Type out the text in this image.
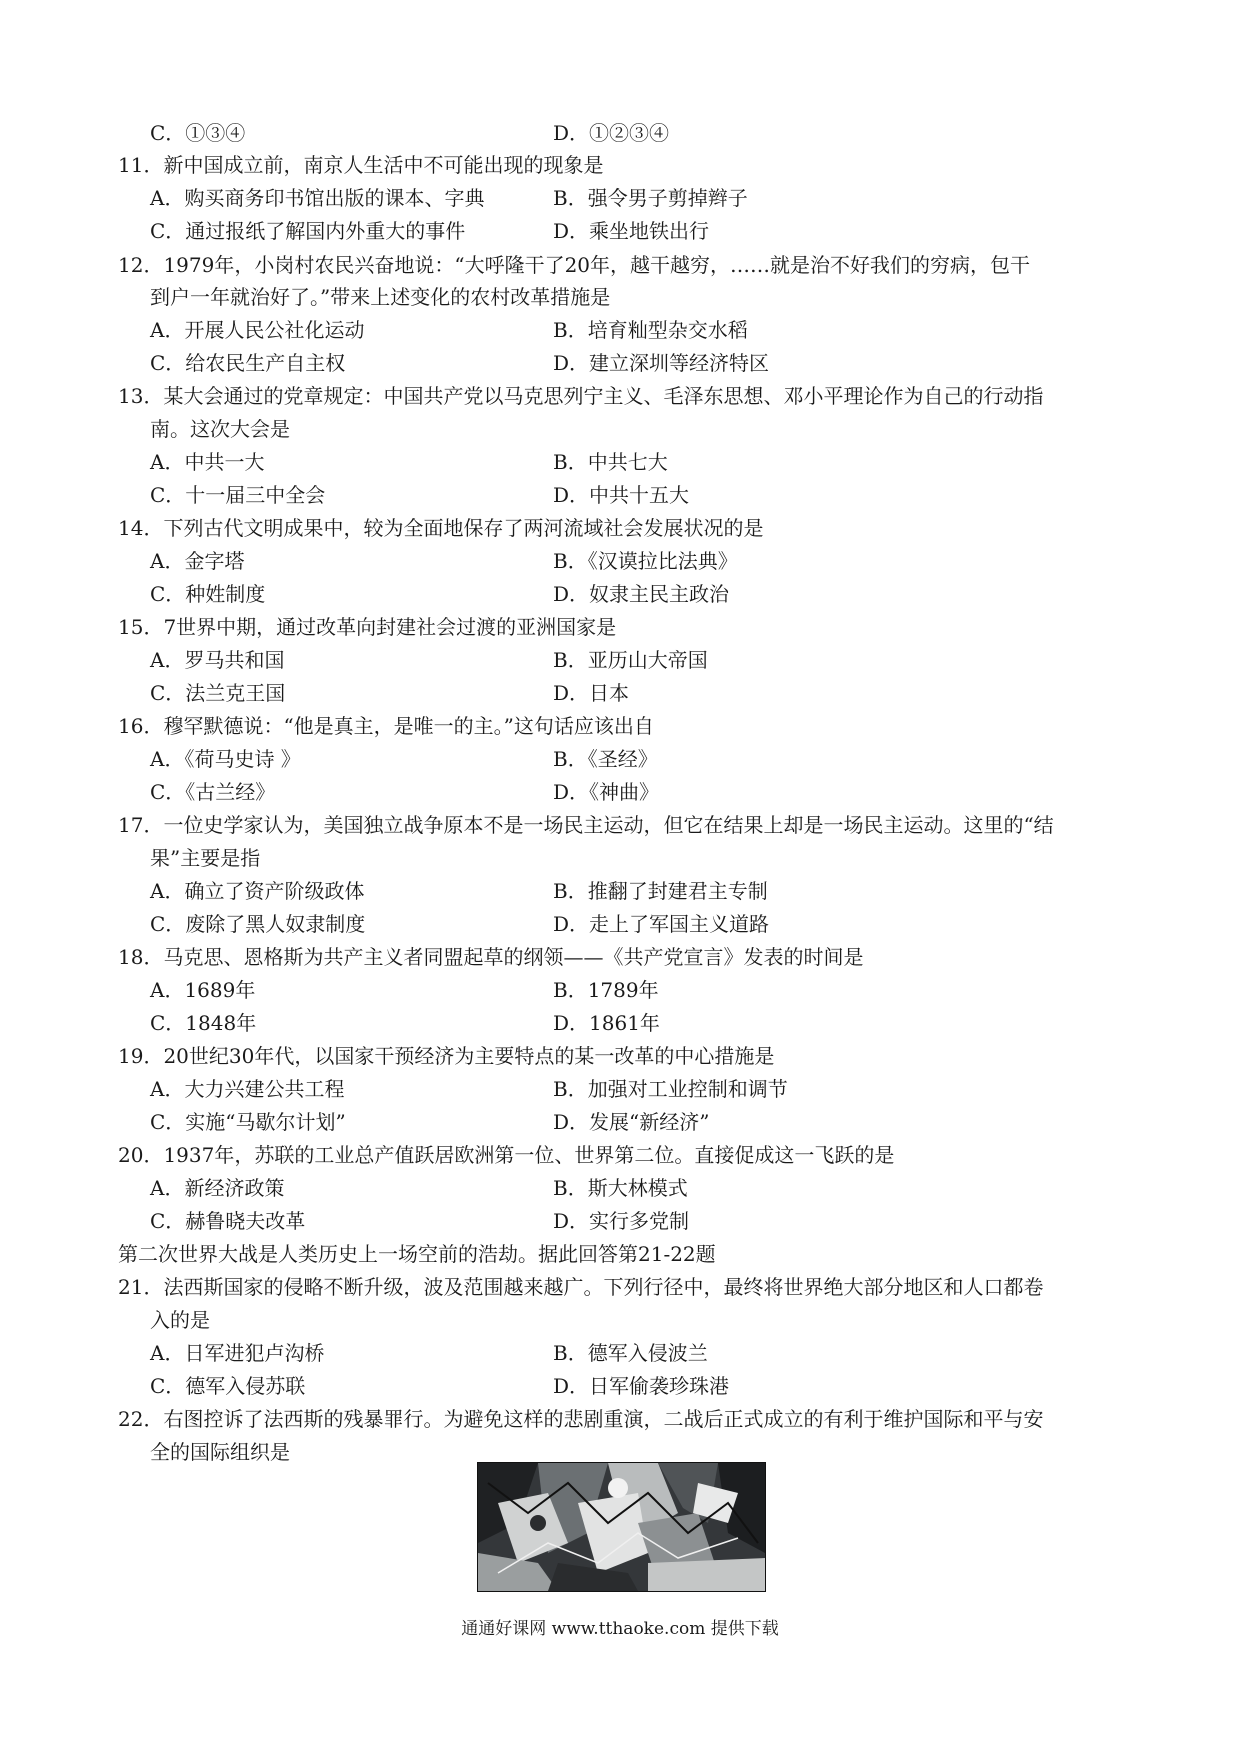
C．①③④	D．①②③④
11．新中国成立前，南京人生活中不可能出现的现象是
A．购买商务印书馆出版的课本、字典	B．强令男子剪掉辫子
C．通过报纸了解国内外重大的事件	D．乘坐地铁出行
12．1979年，小岗村农民兴奋地说：“大呼隆干了20年，越干越穷，……就是治不好我们的穷病，包干
到户一年就治好了。”带来上述变化的农村改革措施是
A．开展人民公社化运动	B．培育籼型杂交水稻
C．给农民生产自主权	D．建立深圳等经济特区
13．某大会通过的党章规定：中国共产党以马克思列宁主义、毛泽东思想、邓小平理论作为自己的行动指
南。这次大会是
A．中共一大	B．中共七大
C．十一届三中全会	D．中共十五大
14．下列古代文明成果中，较为全面地保存了两河流域社会发展状况的是
A．金字塔	B．《汉谟拉比法典》
C．种姓制度	D．奴隶主民主政治
15．7世界中期，通过改革向封建社会过渡的亚洲国家是
A．罗马共和国	B．亚历山大帝国
C．法兰克王国	D．日本
16．穆罕默德说：“他是真主，是唯一的主。”这句话应该出自
A．《荷马史诗 》	B．《圣经》
C．《古兰经》	D．《神曲》
17．一位史学家认为，美国独立战争原本不是一场民主运动，但它在结果上却是一场民主运动。这里的“结
果”主要是指
A．确立了资产阶级政体	B．推翻了封建君主专制
C．废除了黑人奴隶制度	D．走上了军国主义道路
18．马克思、恩格斯为共产主义者同盟起草的纲领——《共产党宣言》发表的时间是
A．1689年	B．1789年
C．1848年	D．1861年
19．20世纪30年代，以国家干预经济为主要特点的某一改革的中心措施是
A．大力兴建公共工程	B．加强对工业控制和调节
C．实施“马歇尔计划”	D．发展“新经济”
20．1937年，苏联的工业总产值跃居欧洲第一位、世界第二位。直接促成这一飞跃的是
A．新经济政策	B．斯大林模式
C．赫鲁晓夫改革	D．实行多党制
第二次世界大战是人类历史上一场空前的浩劫。据此回答第21-22题
21．法西斯国家的侵略不断升级，波及范围越来越广。下列行径中，最终将世界绝大部分地区和人口都卷
入的是
A．日军进犯卢沟桥	B．德军入侵波兰
C．德军入侵苏联	D．日军偷袭珍珠港
22．右图控诉了法西斯的残暴罪行。为避免这样的悲剧重演，二战后正式成立的有利于维护国际和平与安
全的国际组织是
通通好课网 www.tthaoke.com 提供下载
